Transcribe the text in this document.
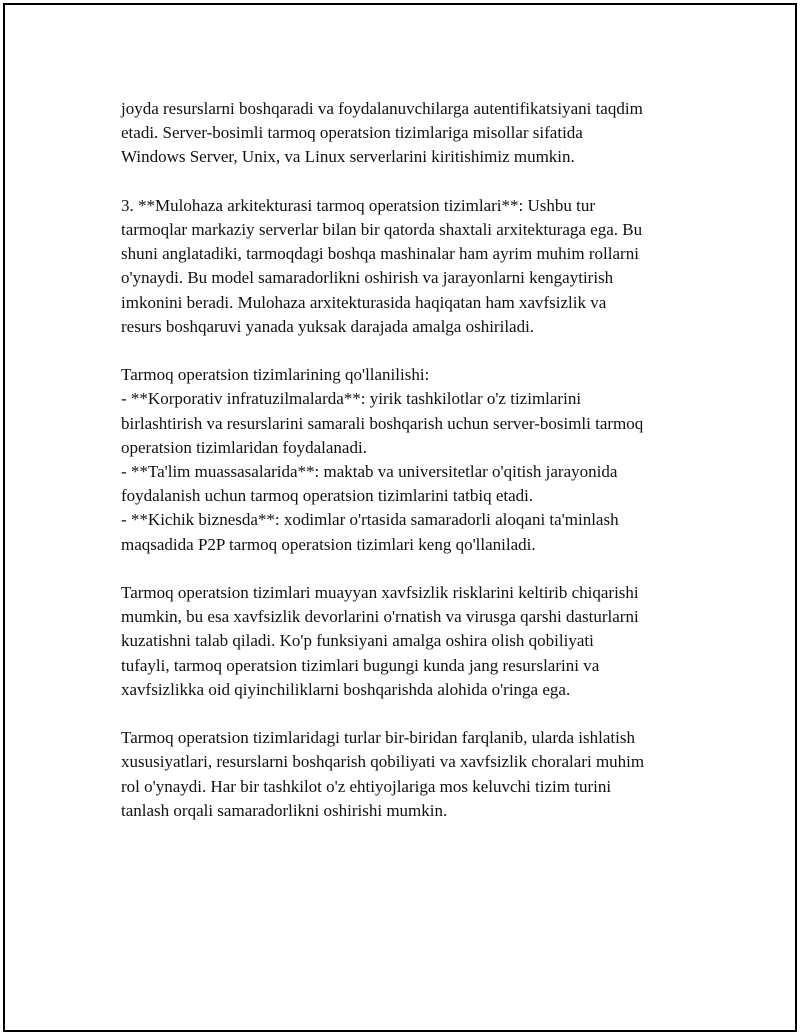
joyda resurslarni boshqaradi va foydalanuvchilarga autentifikatsiyani taqdim
etadi. Server-bosimli tarmoq operatsion tizimlariga misollar sifatida
Windows Server, Unix, va Linux serverlarini kiritishimiz mumkin.

3. **Mulohaza arkitekturasi tarmoq operatsion tizimlari**: Ushbu tur
tarmoqlar markaziy serverlar bilan bir qatorda shaxtali arxitekturaga ega. Bu
shuni anglatadiki, tarmoqdagi boshqa mashinalar ham ayrim muhim rollarni
o'ynaydi. Bu model samaradorlikni oshirish va jarayonlarni kengaytirish
imkonini beradi. Mulohaza arxitekturasida haqiqatan ham xavfsizlik va
resurs boshqaruvi yanada yuksak darajada amalga oshiriladi.

Tarmoq operatsion tizimlarining qo'llanilishi:
- **Korporativ infratuzilmalarda**: yirik tashkilotlar o'z tizimlarini
birlashtirish va resurslarini samarali boshqarish uchun server-bosimli tarmoq
operatsion tizimlaridan foydalanadi.
- **Ta'lim muassasalarida**: maktab va universitetlar o'qitish jarayonida
foydalanish uchun tarmoq operatsion tizimlarini tatbiq etadi.
- **Kichik biznesda**: xodimlar o'rtasida samaradorli aloqani ta'minlash
maqsadida P2P tarmoq operatsion tizimlari keng qo'llaniladi.

Tarmoq operatsion tizimlari muayyan xavfsizlik risklarini keltirib chiqarishi
mumkin, bu esa xavfsizlik devorlarini o'rnatish va virusga qarshi dasturlarni
kuzatishni talab qiladi. Ko'p funksiyani amalga oshira olish qobiliyati
tufayli, tarmoq operatsion tizimlari bugungi kunda jang resurslarini va
xavfsizlikka oid qiyinchiliklarni boshqarishda alohida o'ringa ega.

Tarmoq operatsion tizimlaridagi turlar bir-biridan farqlanib, ularda ishlatish
xususiyatlari, resurslarni boshqarish qobiliyati va xavfsizlik choralari muhim
rol o'ynaydi. Har bir tashkilot o'z ehtiyojlariga mos keluvchi tizim turini
tanlash orqali samaradorlikni oshirishi mumkin.
